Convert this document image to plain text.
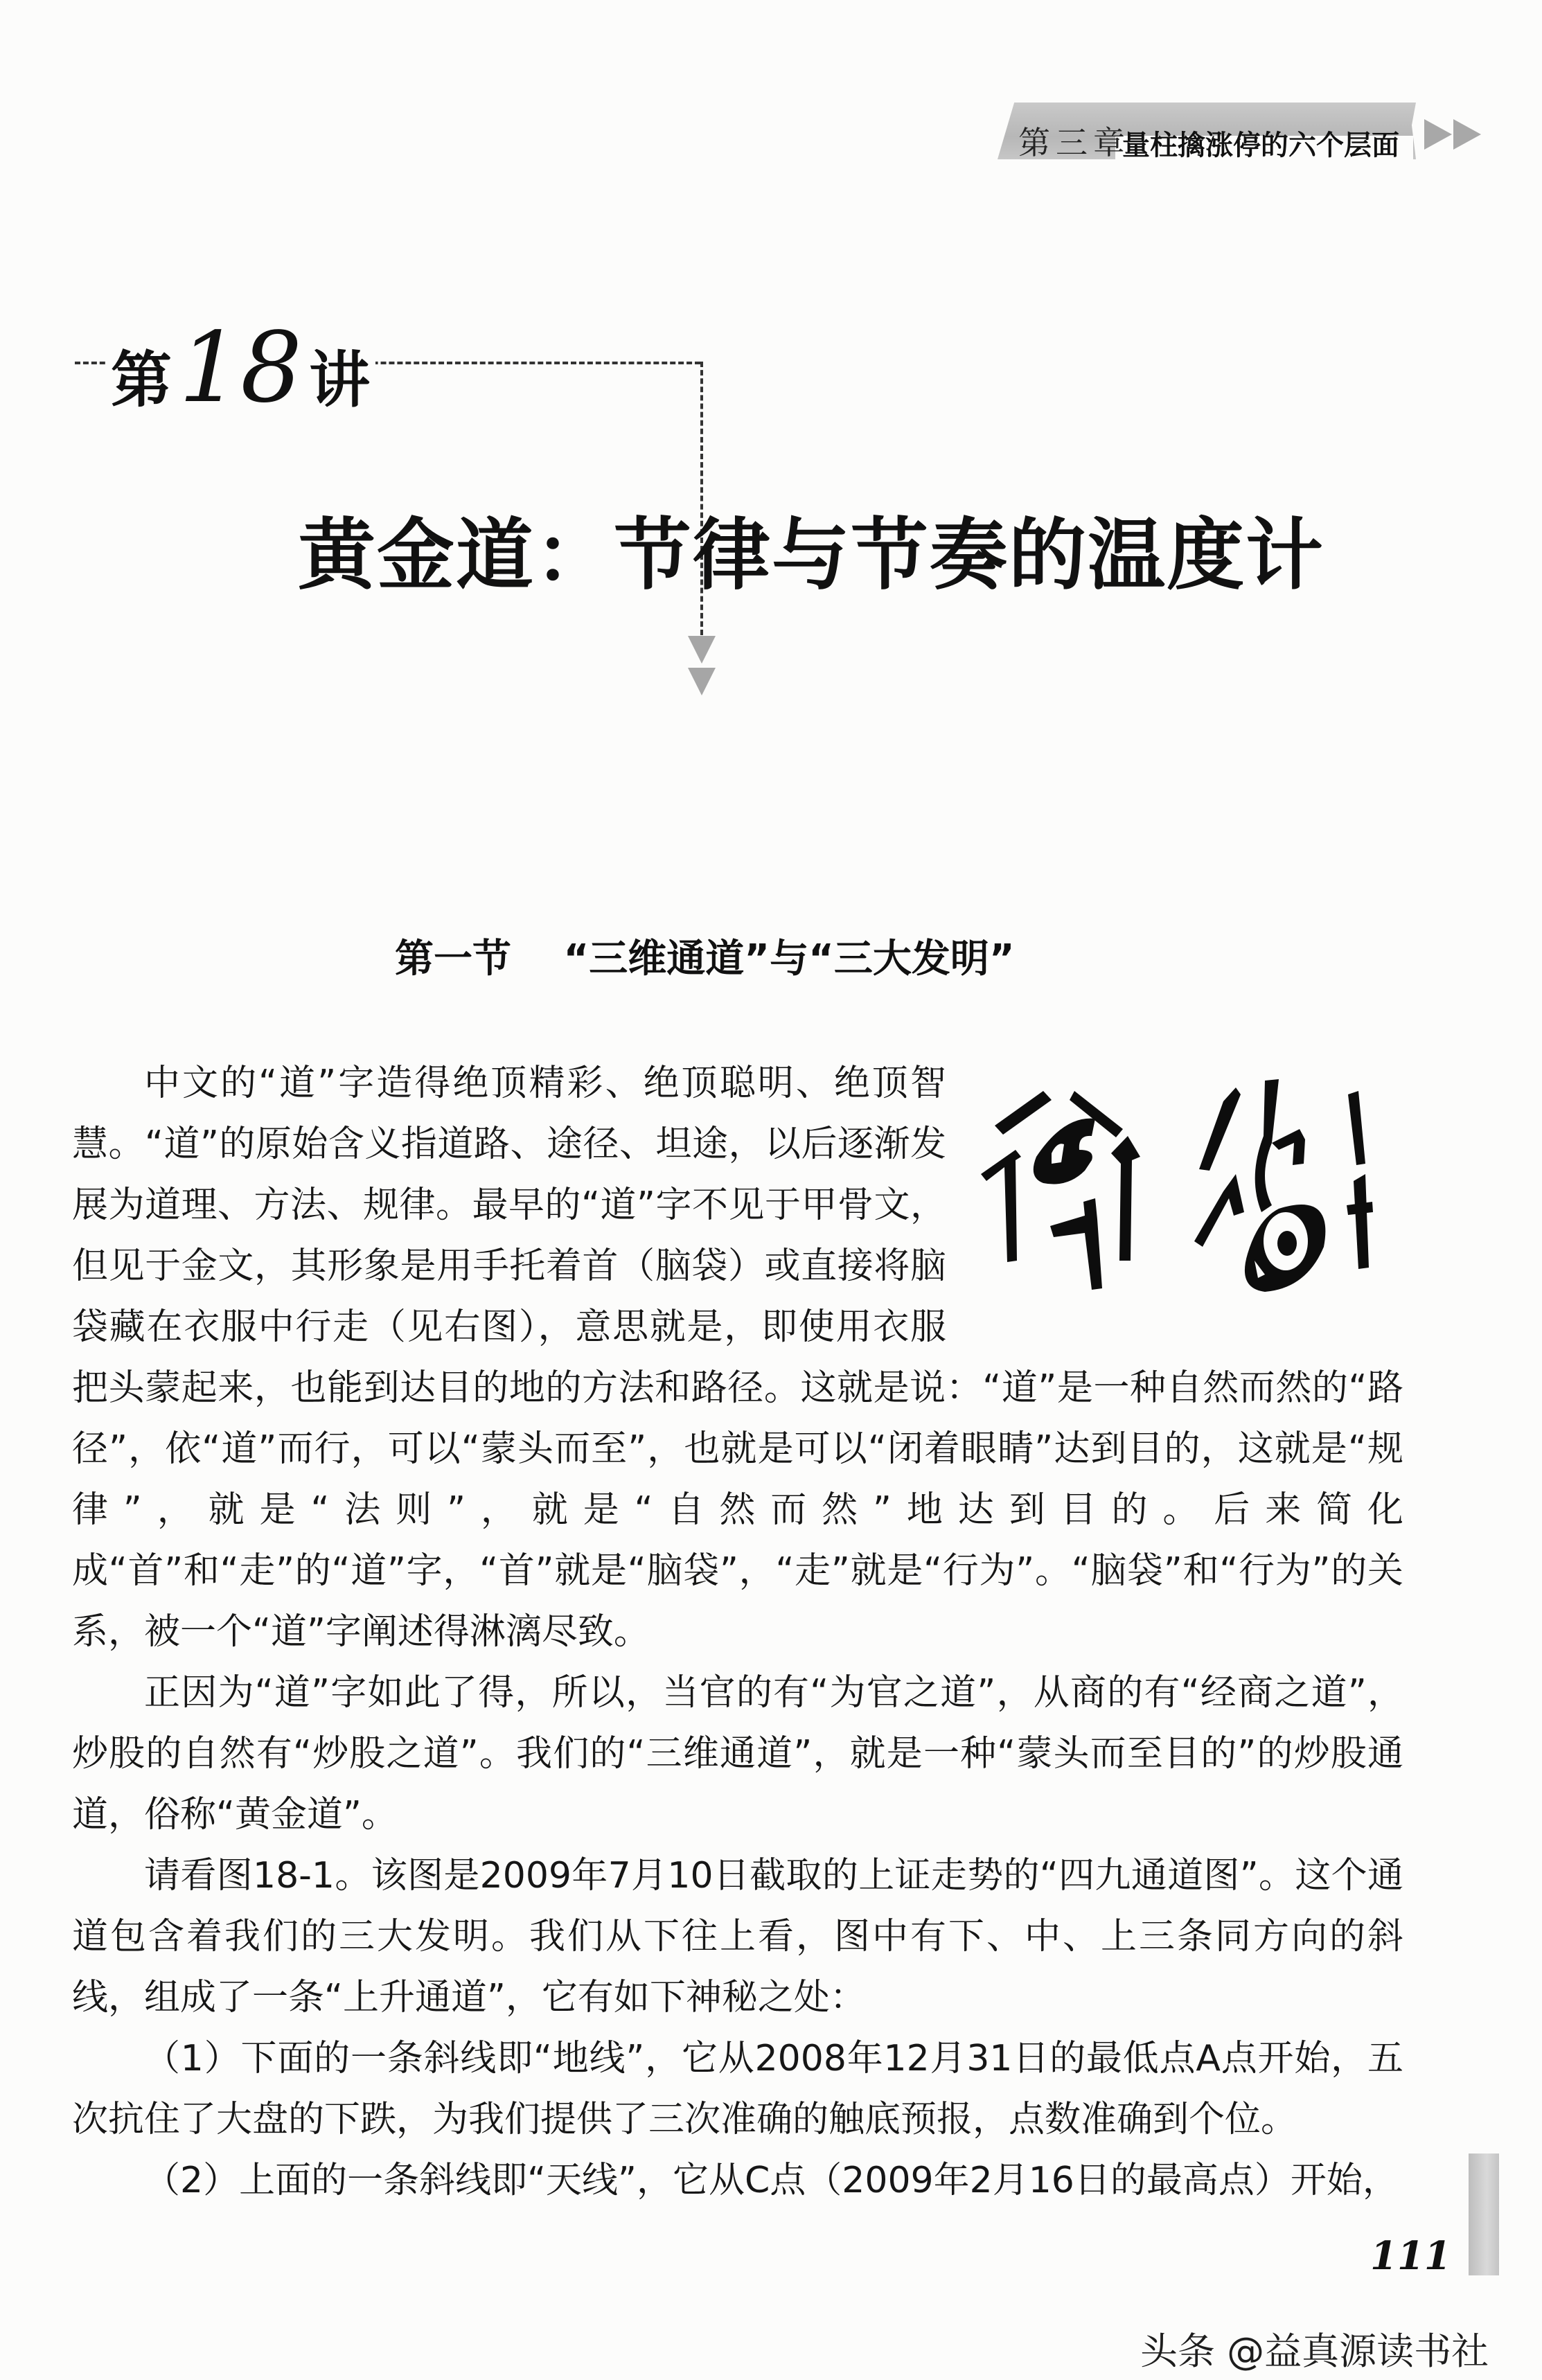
第三章
量柱擒涨停的六个层面
第 18 讲
黄金道：节律与节奏的温度计
第一节　 “三维通道”与“三大发明”

中文的“道”字造得绝顶精彩、绝顶聪明、绝顶智慧。“道”的原始含义指道路、途径、坦途，以后逐渐发展为道理、方法、规律。最早的“道”字不见于甲骨文，但见于金文，其形象是用手托着首（脑袋）或直接将脑袋藏在衣服中行走（见右图），意思就是，即使用衣服把头蒙起来，也能到达目的地的方法和路径。这就是说：“道”是一种自然而然的“路径”，依“道”而行，可以“蒙头而至”，也就是可以“闭着眼睛”达到目的，这就是“规律”，就是“法则”，就是“自然而然”地达到目的。后来简化成“首”和“走”的“道”字，“首”就是“脑袋”，“走”就是“行为”。“脑袋”和“行为”的关系，被一个“道”字阐述得淋漓尽致。

正因为“道”字如此了得，所以，当官的有“为官之道”，从商的有“经商之道”，炒股的自然有“炒股之道”。我们的“三维通道”，就是一种“蒙头而至目的”的炒股通道，俗称“黄金道”。

请看图18-1。该图是2009年7月10日截取的上证走势的“四九通道图”。这个通道包含着我们的三大发明。我们从下往上看，图中有下、中、上三条同方向的斜线，组成了一条“上升通道”，它有如下神秘之处：

（1）下面的一条斜线即“地线”，它从2008年12月31日的最低点A点开始，五次抗住了大盘的下跌，为我们提供了三次准确的触底预报，点数准确到个位。

（2）上面的一条斜线即“天线”，它从C点（2009年2月16日的最高点）开始，

111
头条 @益真源读书社
